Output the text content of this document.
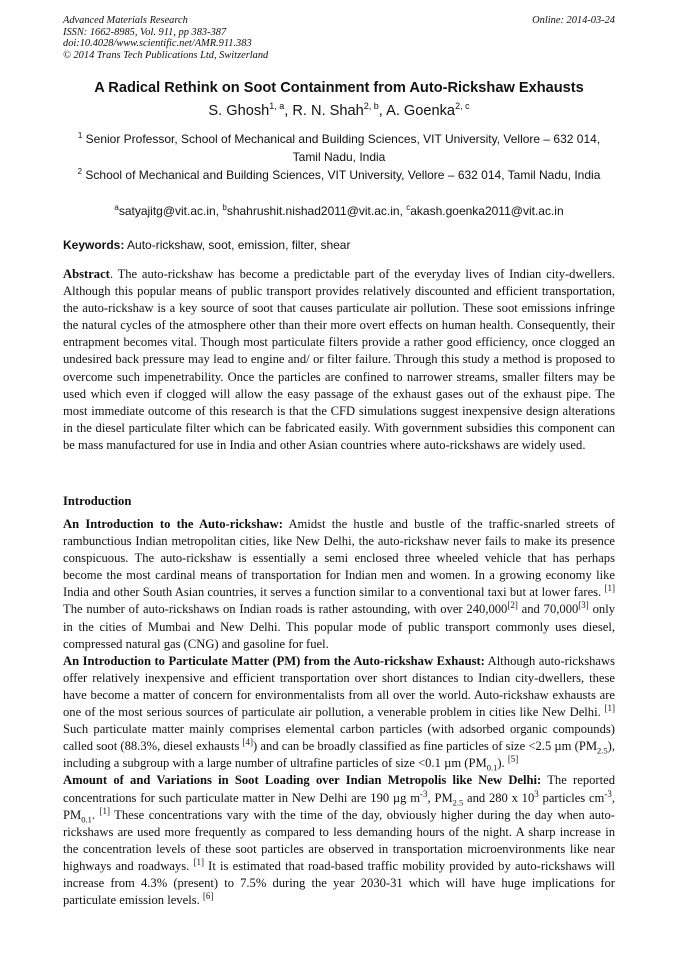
Advanced Materials Research
ISSN: 1662-8985, Vol. 911, pp 383-387
doi:10.4028/www.scientific.net/AMR.911.383
© 2014 Trans Tech Publications Ltd, Switzerland
Online: 2014-03-24
A Radical Rethink on Soot Containment from Auto-Rickshaw Exhausts
S. Ghosh$^{1, a}$, R. N. Shah$^{2, b}$, A. Goenka$^{2, c}$
$^1$ Senior Professor, School of Mechanical and Building Sciences, VIT University, Vellore – 632 014, Tamil Nadu, India
$^2$ School of Mechanical and Building Sciences, VIT University, Vellore – 632 014, Tamil Nadu, India
$^a$satyajitg@vit.ac.in, $^b$shahrushit.nishad2011@vit.ac.in, $^c$akash.goenka2011@vit.ac.in
Keywords: Auto-rickshaw, soot, emission, filter, shear
Abstract. The auto-rickshaw has become a predictable part of the everyday lives of Indian city-dwellers. Although this popular means of public transport provides relatively discounted and efficient transportation, the auto-rickshaw is a key source of soot that causes particulate air pollution. These soot emissions infringe the natural cycles of the atmosphere other than their more overt effects on human health. Consequently, their entrapment becomes vital. Though most particulate filters provide a rather good efficiency, once clogged an undesired back pressure may lead to engine and/ or filter failure. Through this study a method is proposed to overcome such impenetrability. Once the particles are confined to narrower streams, smaller filters may be used which even if clogged will allow the easy passage of the exhaust gases out of the exhaust pipe. The most immediate outcome of this research is that the CFD simulations suggest inexpensive design alterations in the diesel particulate filter which can be fabricated easily. With government subsidies this component can be mass manufactured for use in India and other Asian countries where auto-rickshaws are widely used.
Introduction

An Introduction to the Auto-rickshaw: Amidst the hustle and bustle of the traffic-snarled streets of rambunctious Indian metropolitan cities, like New Delhi, the auto-rickshaw never fails to make its presence conspicuous. The auto-rickshaw is essentially a semi enclosed three wheeled vehicle that has perhaps become the most cardinal means of transportation for Indian men and women. In a growing economy like India and other South Asian countries, it serves a function similar to a conventional taxi but at lower fares. [1] The number of auto-rickshaws on Indian roads is rather astounding, with over 240,000[2] and 70,000[3] only in the cities of Mumbai and New Delhi. This popular mode of public transport commonly uses diesel, compressed natural gas (CNG) and gasoline for fuel.

An Introduction to Particulate Matter (PM) from the Auto-rickshaw Exhaust: Although auto-rickshaws offer relatively inexpensive and efficient transportation over short distances to Indian city-dwellers, these have become a matter of concern for environmentalists from all over the world. Auto-rickshaw exhausts are one of the most serious sources of particulate air pollution, a venerable problem in cities like New Delhi. [1] Such particulate matter mainly comprises elemental carbon particles (with adsorbed organic compounds) called soot (88.3%, diesel exhausts [4]) and can be broadly classified as fine particles of size <2.5 µm $(PM_{2.5})$, including a subgroup with a large number of ultrafine particles of size <0.1 µm $(PM_{0.1})$. [5]

Amount of and Variations in Soot Loading over Indian Metropolis like New Delhi: The reported concentrations for such particulate matter in New Delhi are 190 µg $m^{-3}$, $PM_{2.5}$ and 280 x $10^3$ particles $cm^{-3}$, $PM_{0.1}$. [1] These concentrations vary with the time of the day, obviously higher during the day when auto-rickshaws are used more frequently as compared to less demanding hours of the night. A sharp increase in the concentration levels of these soot particles are observed in transportation microenvironments like near highways and roadways. [1] It is estimated that road-based traffic mobility provided by auto-rickshaws will increase from 4.3% (present) to 7.5% during the year 2030-31 which will have huge implications for particulate emission levels. [6]
